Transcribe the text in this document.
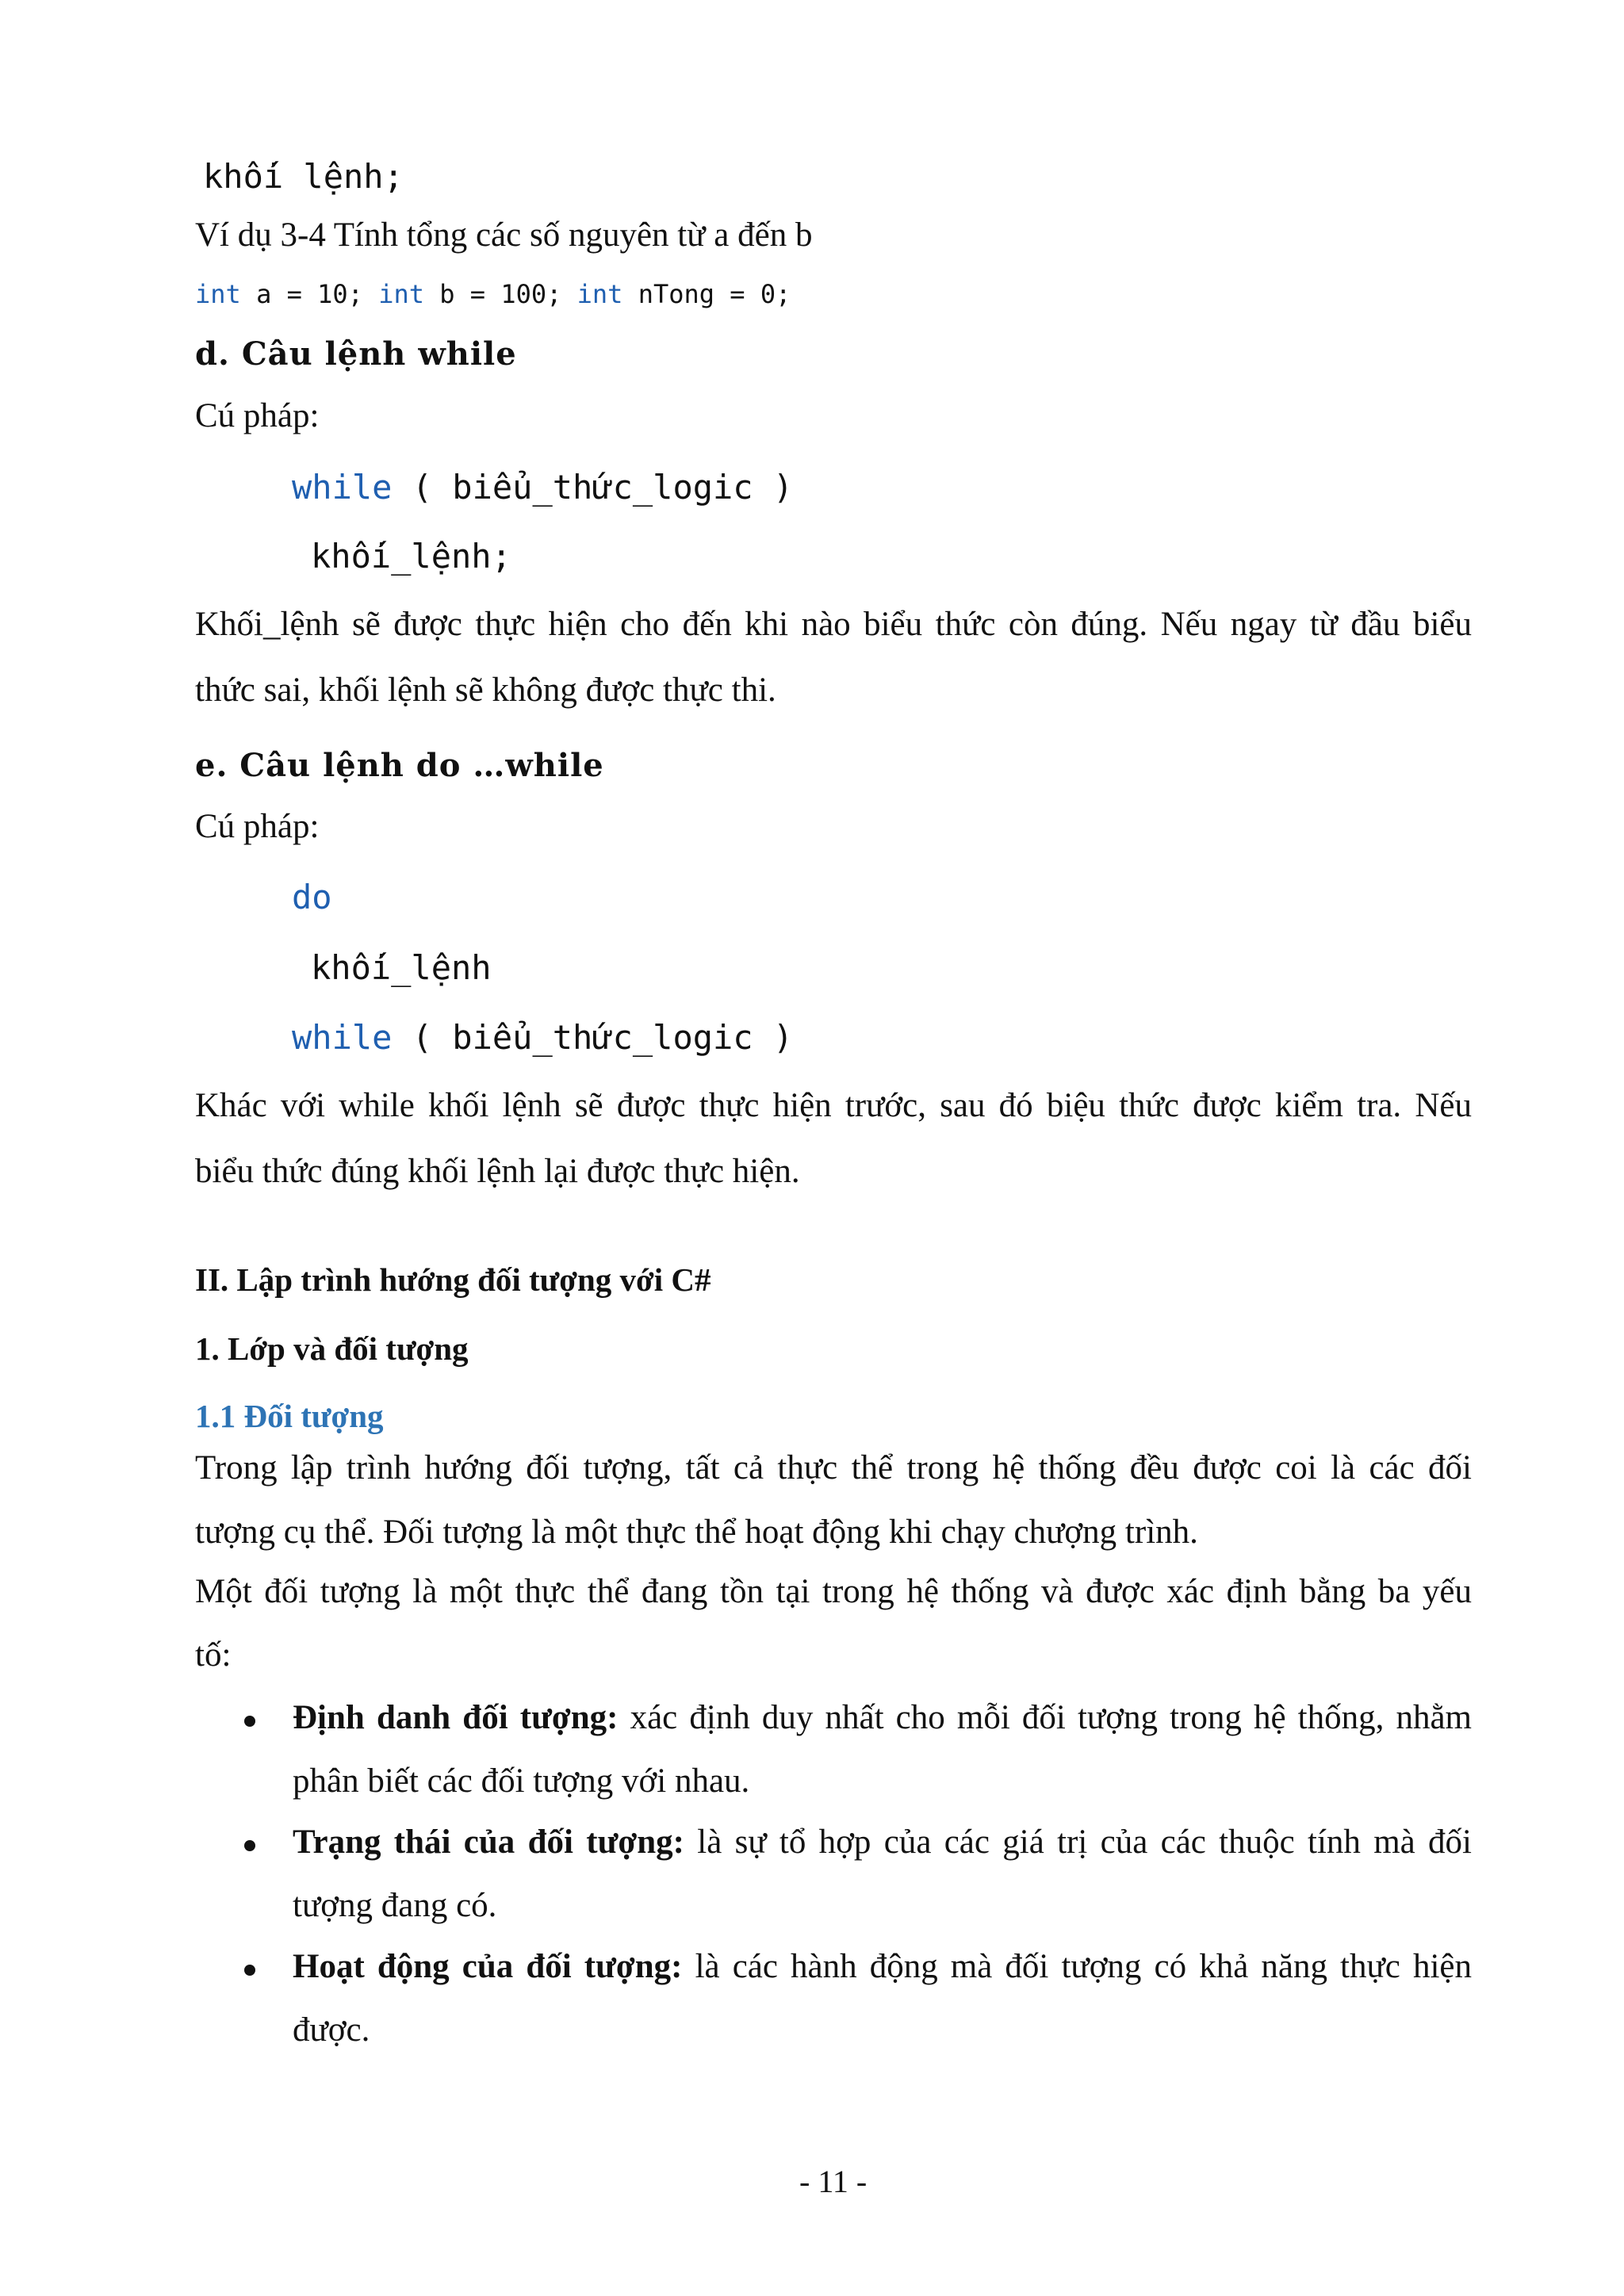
khối lệnh;

Ví dụ 3-4 Tính tổng các số nguyên từ a đến b

int a = 10; int b = 100; int nTong = 0;

d. Câu lệnh while

Cú pháp:

while ( biểu_thức_logic )

khối_lệnh;

Khối_lệnh sẽ được thực hiện cho đến khi nào biểu thức còn đúng. Nếu ngay từ đầu biểu

thức sai, khối lệnh sẽ không được thực thi.

e. Câu lệnh do …while

Cú pháp:

do

khối_lệnh

while ( biểu_thức_logic )

Khác với while khối lệnh sẽ được thực hiện trước, sau đó biệu thức được kiểm tra. Nếu

biểu thức đúng khối lệnh lại được thực hiện.

II. Lập trình hướng đối tượng với C#

1. Lớp và đối tượng

1.1 Đối tượng

Trong lập trình hướng đối tượng, tất cả thực thể trong hệ thống đều được coi là các đối

tượng cụ thể. Đối tượng là một thực thể hoạt động khi chạy chượng trình.

Một đối tượng là một thực thể đang tồn tại trong hệ thống và được xác định bằng ba yếu

tố:

Định danh đối tượng: xác định duy nhất cho mỗi đối tượng trong hệ thống, nhằm

phân biết các đối tượng với nhau.

Trạng thái của đối tượng: là sự tổ hợp của các giá trị của các thuộc tính mà đối

tượng đang có.

Hoạt động của đối tượng: là các hành động mà đối tượng có khả năng thực hiện

được.

- 11 -
